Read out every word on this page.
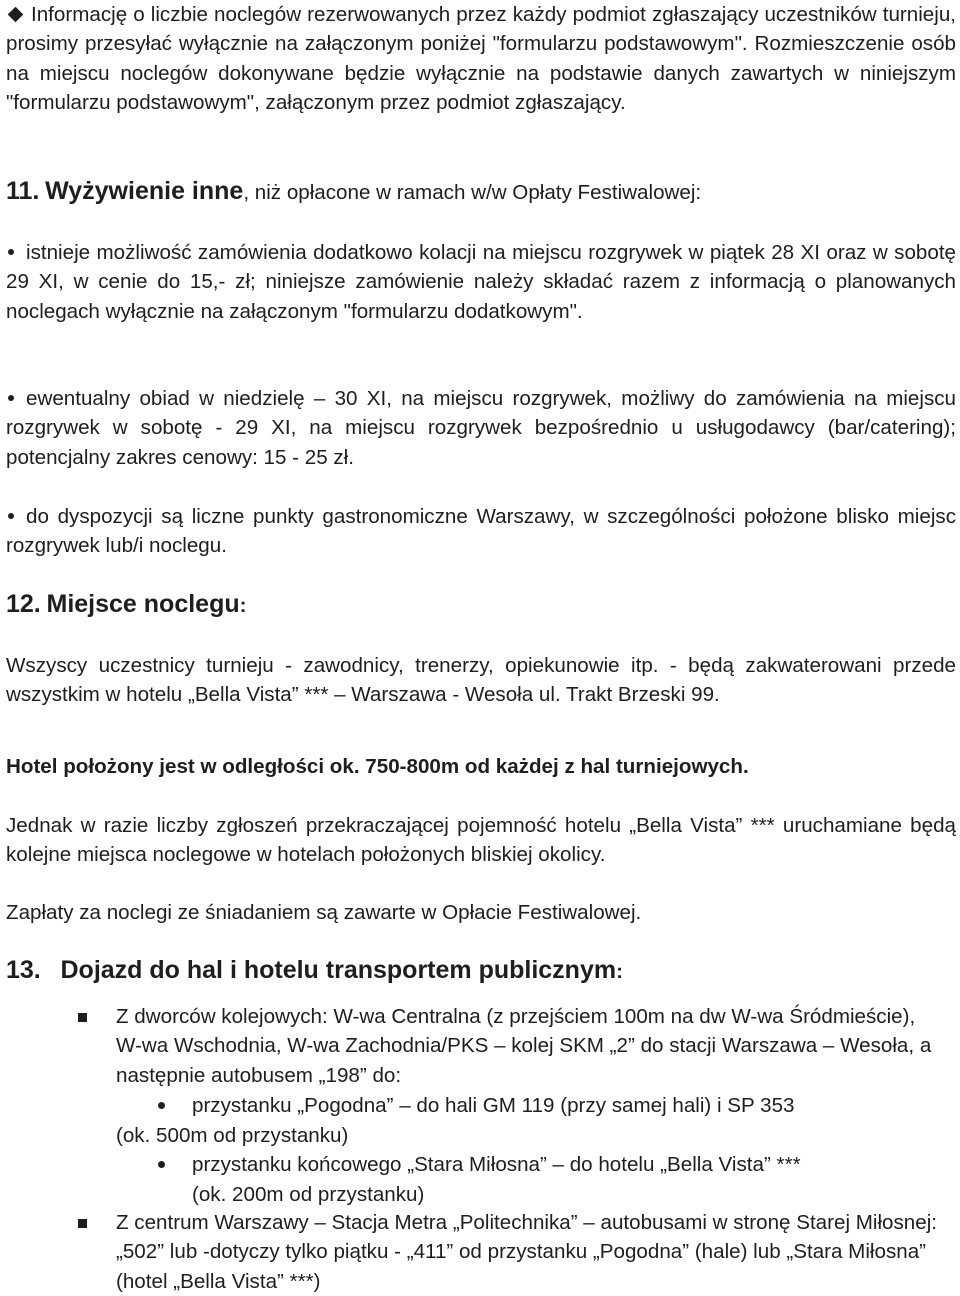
Informację o liczbie noclegów rezerwowanych przez każdy podmiot zgłaszający uczestników turnieju, prosimy przesyłać wyłącznie na załączonym poniżej "formularzu podstawowym". Rozmieszczenie osób na miejscu noclegów dokonywane będzie wyłącznie na podstawie danych zawartych w niniejszym "formularzu podstawowym", załączonym przez podmiot zgłaszający.
11. Wyżywienie inne, niż opłacone w ramach w/w Opłaty Festiwalowej:
istnieje możliwość zamówienia dodatkowo kolacji na miejscu rozgrywek w piątek 28 XI oraz w sobotę 29 XI, w cenie do 15,- zł; niniejsze zamówienie należy składać razem z informacją o planowanych noclegach wyłącznie na załączonym "formularzu dodatkowym".
ewentualny obiad w niedzielę – 30 XI, na miejscu rozgrywek, możliwy do zamówienia na miejscu rozgrywek w sobotę - 29 XI, na miejscu rozgrywek bezpośrednio u usługodawcy (bar/catering); potencjalny zakres cenowy: 15 - 25 zł.
do dyspozycji są liczne punkty gastronomiczne Warszawy, w szczególności położone blisko miejsc rozgrywek lub/i noclegu.
12. Miejsce noclegu:

Wszyscy uczestnicy turnieju - zawodnicy, trenerzy, opiekunowie itp. - będą zakwaterowani przede wszystkim w hotelu „Bella Vista” *** – Warszawa - Wesoła ul. Trakt Brzeski 99.

Hotel położony jest w odległości ok. 750-800m od każdej z hal turniejowych.

Jednak w razie liczby zgłoszeń przekraczającej pojemność hotelu „Bella Vista” *** uruchamiane będą kolejne miejsca noclegowe w hotelach położonych bliskiej okolicy.

Zapłaty za noclegi ze śniadaniem są zawarte w Opłacie Festiwalowej.

13. Dojazd do hal i hotelu transportem publicznym:

Z dworców kolejowych: W-wa Centralna (z przejściem 100m na dw W-wa Śródmieście), W-wa Wschodnia, W-wa Zachodnia/PKS – kolej SKM „2” do stacji Warszawa – Wesoła, a następnie autobusem „198” do:

przystanku „Pogodna” – do hali GM 119 (przy samej hali) i SP 353

(ok. 500m od przystanku)

przystanku końcowego „Stara Miłosna” – do hotelu „Bella Vista” ***

(ok. 200m od przystanku)

Z centrum Warszawy – Stacja Metra „Politechnika” – autobusami w stronę Starej Miłosnej: „502” lub -dotyczy tylko piątku - „411” od przystanku „Pogodna” (hale) lub „Stara Miłosna” (hotel „Bella Vista” ***)
